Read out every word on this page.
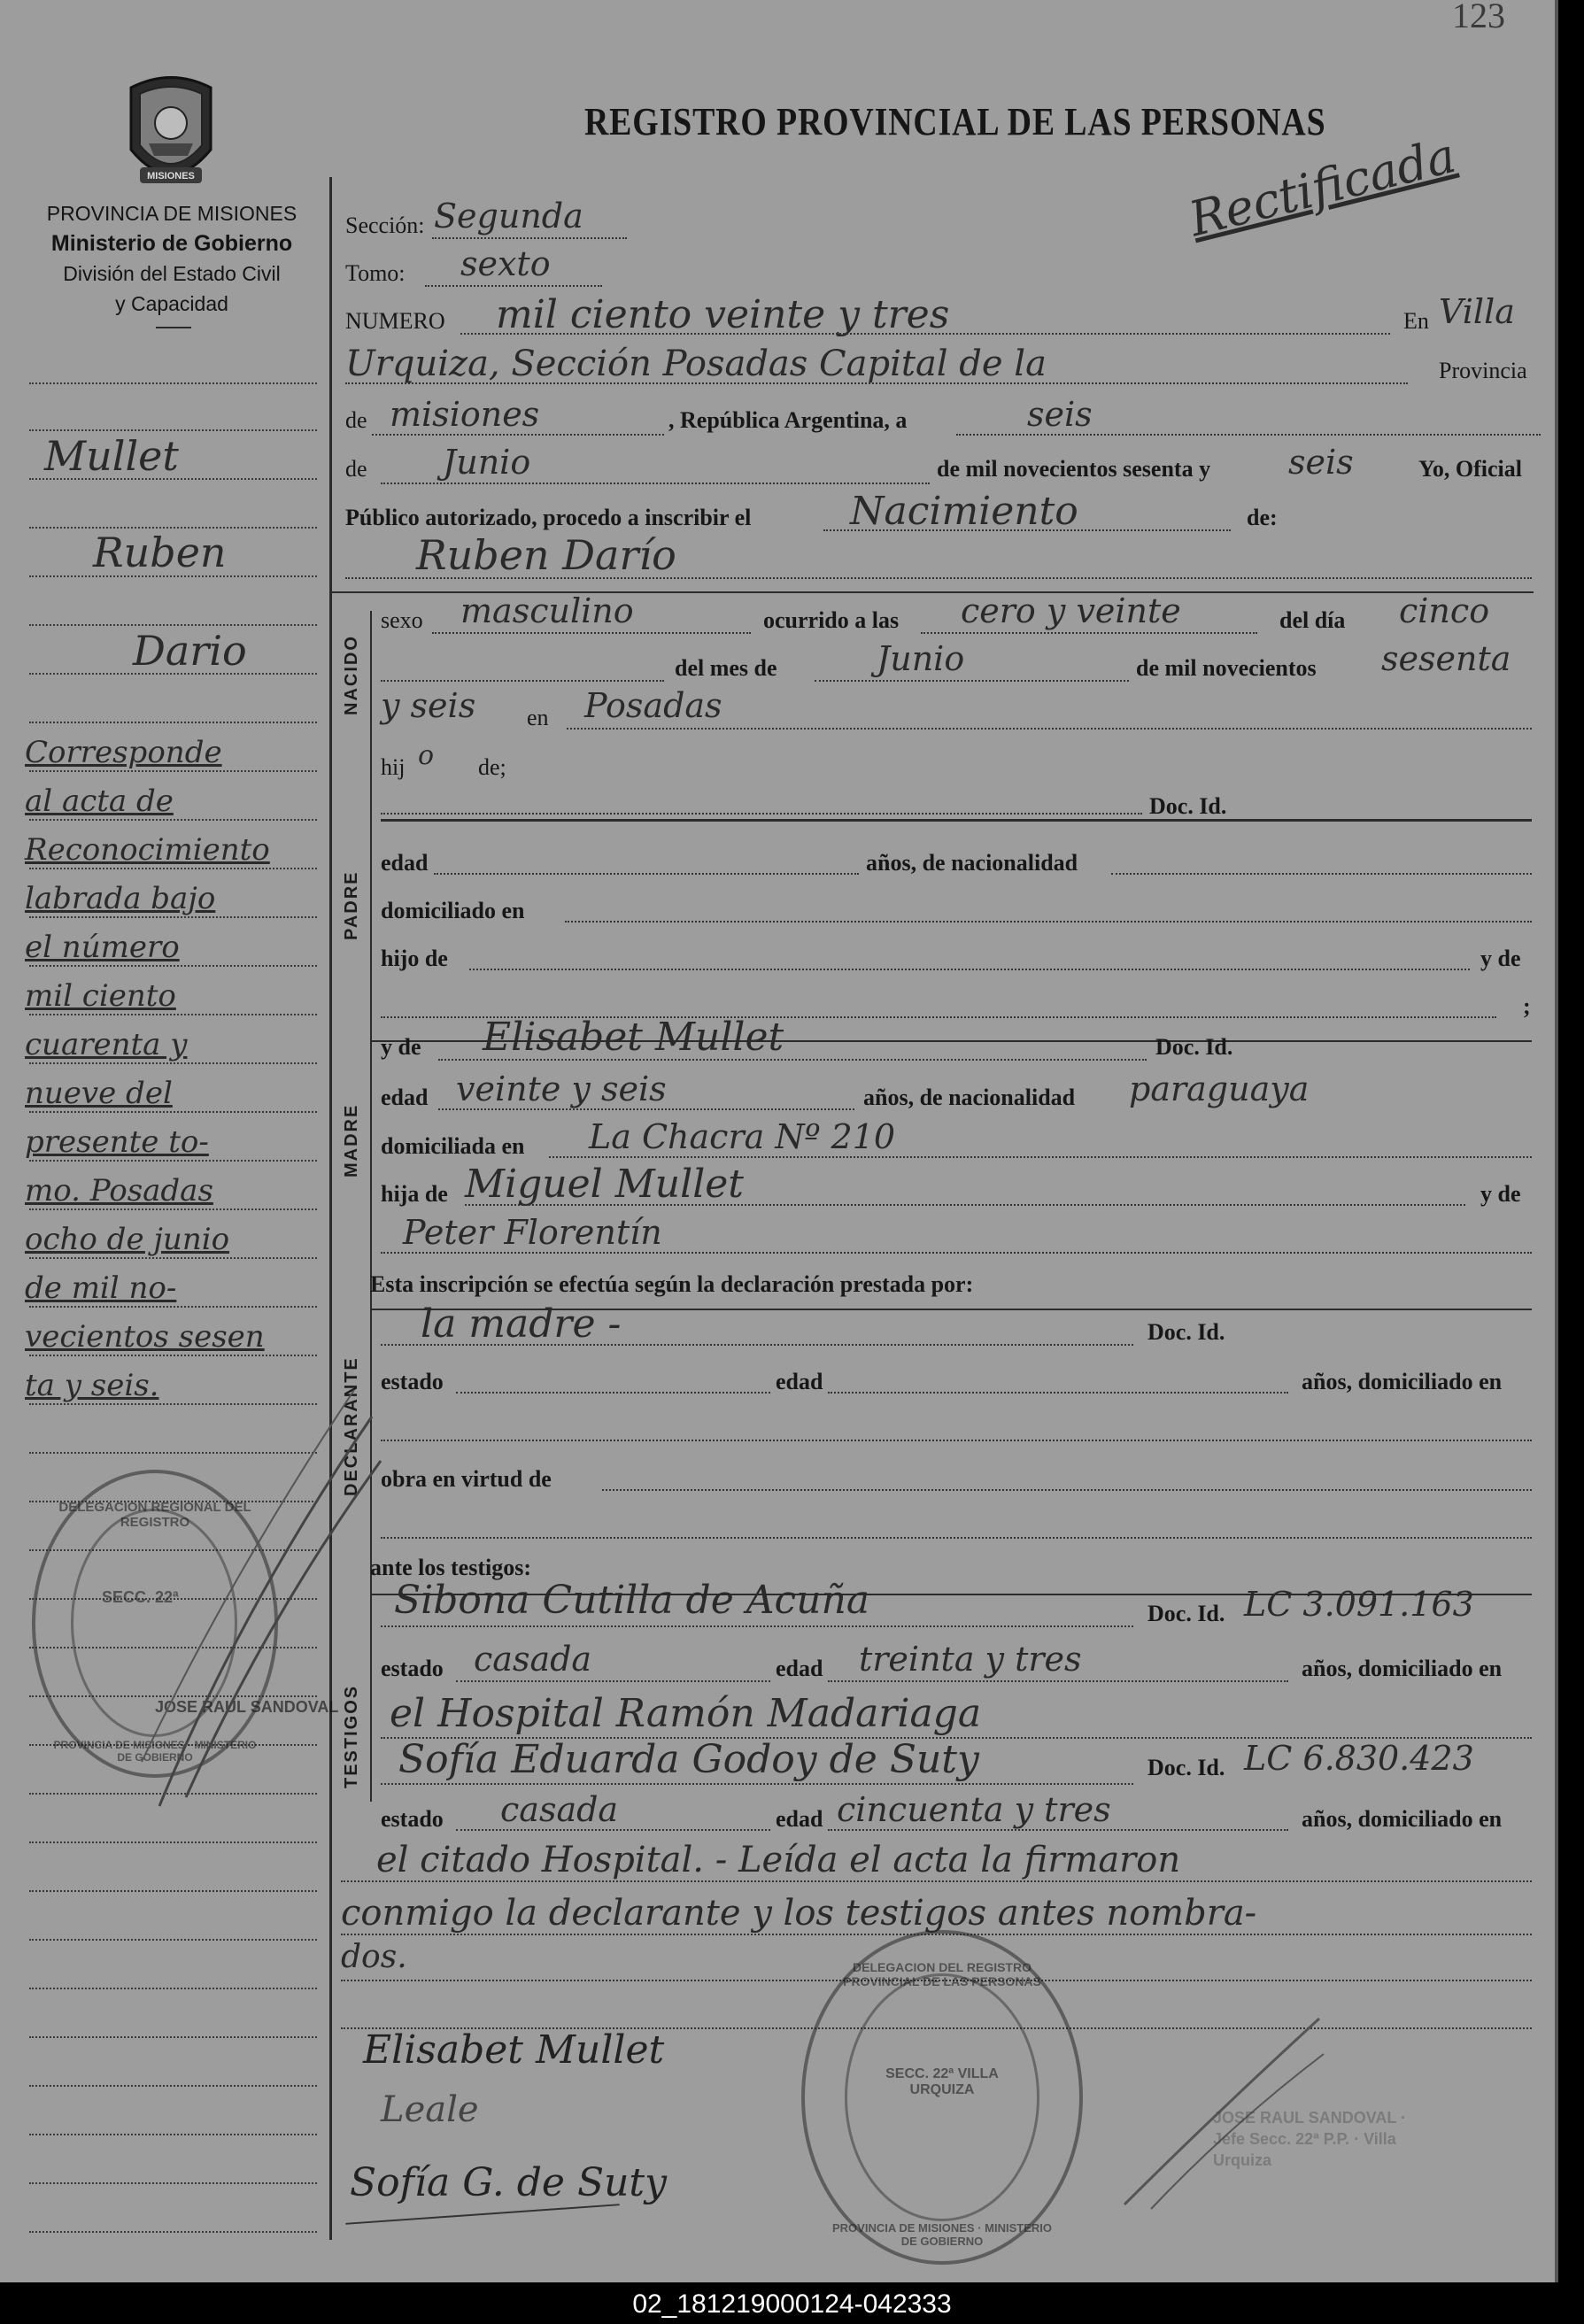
123
MISIONES
PROVINCIA DE MISIONES
Ministerio de Gobierno
División del Estado Civil
y Capacidad
REGISTRO PROVINCIAL DE LAS PERSONAS
Rectificada
Mullet
Ruben
Dario
Corresponde
al acta de
Reconocimiento
labrada bajo
el número
mil ciento
cuarenta y
nueve del
presente to-
mo. Posadas
ocho de junio
de mil no-
vecientos sesen
ta y seis.
Sección: Segunda
Tomo: sexto
NUMERO mil ciento veinte y tres	En Villa
Urquiza, Sección Posadas Capital de la	Provincia
de misiones	, República Argentina, a	seis
de Junio	de mil novecientos sesenta y seis	Yo, Oficial
Público autorizado, procedo a inscribir el	Nacimiento	de:
Ruben Darío
NACIDO
sexo masculino	ocurrido a las cero y veinte	del día cinco
del mes de	Junio	de mil novecientos sesenta
y seis en Posadas
hij o de;
PADRE
Doc. Id.
edad	años, de nacionalidad
domiciliado en
hijo de	y de
;
MADRE
y de Elisabet Mullet	Doc. Id.
edad veinte y seis	años, de nacionalidad paraguaya
domiciliada en La Chacra Nº 210
hija de Miguel Mullet	y de
Peter Florentín
Esta inscripción se efectúa según la declaración prestada por:
DECLARANTE
la madre -	Doc. Id.
estado	edad	años, domiciliado en
obra en virtud de
ante los testigos:
TESTIGOS
Sibona Cutilla de Acuña	Doc. Id. LC 3.091.163
estado casada	edad treinta y tres	años, domiciliado en
el Hospital Ramón Madariaga
Sofía Eduarda Godoy de Suty	Doc. Id. LC 6.830.423
estado casada	edad cincuenta y tres	años, domiciliado en
el citado Hospital. - Leída el acta la firmaron
conmigo la declarante y los testigos antes nombra-
dos.
Elisabet Mullet
Leale
Sofía G. de Suty
DELEGACION REGIONAL DEL REGISTRO
SECC. 22ª
PROVINCIA DE MISIONES · MINISTERIO DE GOBIERNO
JOSE RAUL SANDOVAL
DELEGACION DEL REGISTRO PROVINCIAL DE LAS PERSONAS
SECC. 22ª VILLA URQUIZA
PROVINCIA DE MISIONES · MINISTERIO DE GOBIERNO
JOSE RAUL SANDOVAL · Jefe Secc. 22ª P.P. · Villa Urquiza
02_181219000124-042333
